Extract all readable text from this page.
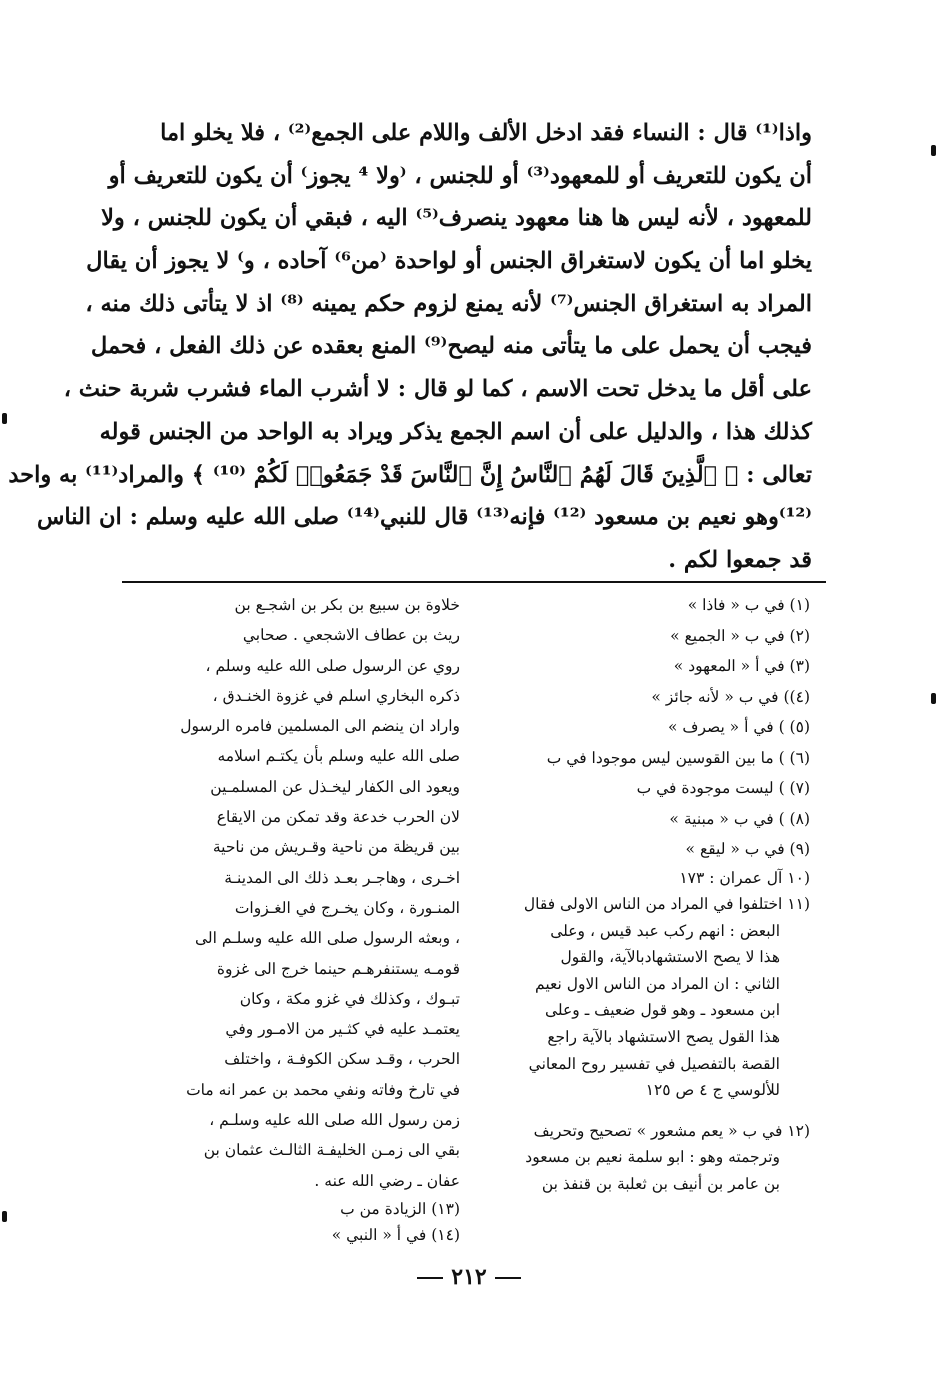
واذا⁽¹⁾ قال : النساء فقد ادخل الألف واللام على الجمع⁽²⁾ ، فلا يخلو اما
أن يكون للتعريف أو للمعهود⁽³⁾ أو للجنس ، ⁽ولا ⁴ يجوز⁾ أن يكون للتعريف أو
للمعهود ، لأنه ليس ها هنا معهود ينصرف⁽⁵⁾ اليه ، فبقي أن يكون للجنس ، ولا
يخلو اما أن يكون لاستغراق الجنس أو لواحدة ⁽من⁶⁾ آحاده ، و⁾ لا يجوز أن يقال
المراد به استغراق الجنس⁽⁷⁾ لأنه يمنع لزوم حكم يمينه ⁽⁸⁾ اذ لا يتأتى ذلك منه ،
فيجب أن يحمل على ما يتأتى منه ليصح⁽⁹⁾ المنع بعقده عن ذلك الفعل ، فحمل
على أقل ما يدخل تحت الاسم ، كما لو قال : لا أشرب الماء فشرب شربة حنث ،
كذلك هذا ، والدليل على أن اسم الجمع يذكر ويراد به الواحد من الجنس قوله
تعالى : ﴿ ٱلَّذِينَ قَالَ لَهُمُ ٱلنَّاسُ إِنَّ ٱلنَّاسَ قَدْ جَمَعُوا۟ لَكُمْ ⁽¹⁰⁾ ﴾ والمراد⁽¹¹⁾ به واحد
⁽¹²⁾وهو نعيم بن مسعود ⁽¹²⁾ فإنه⁽¹³⁾ قال للنبي⁽¹⁴⁾ صلى الله عليه وسلم : ان الناس
قد جمعوا لكم .
(١) في ب « فاذا »
(٢) في ب « الجميع »
(٣) في أ « المعهود »
(٤)) في ب « لأنه جائز »
(٥) ) في أ « يصرف »
(٦) ) ما بين القوسين ليس موجودا في ب
(٧) ) ليست موجودة في ب
(٨) ) في ب « مبنية »
(٩) في ب « ليقع »
(١٠ آل عمران : ١٧٣
(١١ اختلفوا في المراد من الناس الاولى فقال
البعض : انهم ركب عبد قيس ، وعلى
هذا لا يصح الاستشهادبالآية، والقول
الثاني : ان المراد من الناس الاول نعيم
ابن مسعود ـ وهو قول ضعيف ـ وعلى
هذا القول يصح الاستشهاد بالآية راجع
القصة بالتفصيل في تفسير روح المعاني
للألوسي ج ٤ ص ١٢٥
(١٢ في ب « يعم مشعور » تصحيح وتحريف
وترجمته وهو : ابو سلمة نعيم بن مسعود
بن عامر بن أنيف بن ثعلبة بن قنفذ بن
خلاوة بن سبيع بن بكر بن اشجـع بن
ريث بن عطاف الاشجعي . صحابي
روي عن الرسول صلى الله عليه وسلم ،
ذكره البخاري اسلم في غزوة الخنـدق ،
واراد ان ينضم الى المسلمين فامره الرسول
صلى الله عليه وسلم بأن يكتـم اسلامه
ويعود الى الكفار ليخـذل عن المسلمـين
لان الحرب خدعة وقد تمكن من الايقاع
بين قريظة من ناحية وقـريش من ناحية
اخـرى ، وهاجـر بعـد ذلك الى المدينـة
المنـورة ، وكان يخـرج في الغـزوات
، وبعثه الرسول صلى الله عليه وسلـم الى
قومـه يستنفرهـم حينما خرج الى غزوة
تبـوك ، وكذلك في غزو مكة ، وكان
يعتمـد عليه في كثـير من الامـور وفي
الحرب ، وقـد سكن الكوفـة ، واختلف
في تارخ وفاته ونفي محمد بن عمر انه مات
زمن رسول الله صلى الله عليه وسلـم ،
بقي الى زمـن الخليفـة الثالـث عثمان بن
عفان ـ رضي الله عنه .
(١٣) الزيادة من ب
(١٤) في أ « النبي »
٢١٢
